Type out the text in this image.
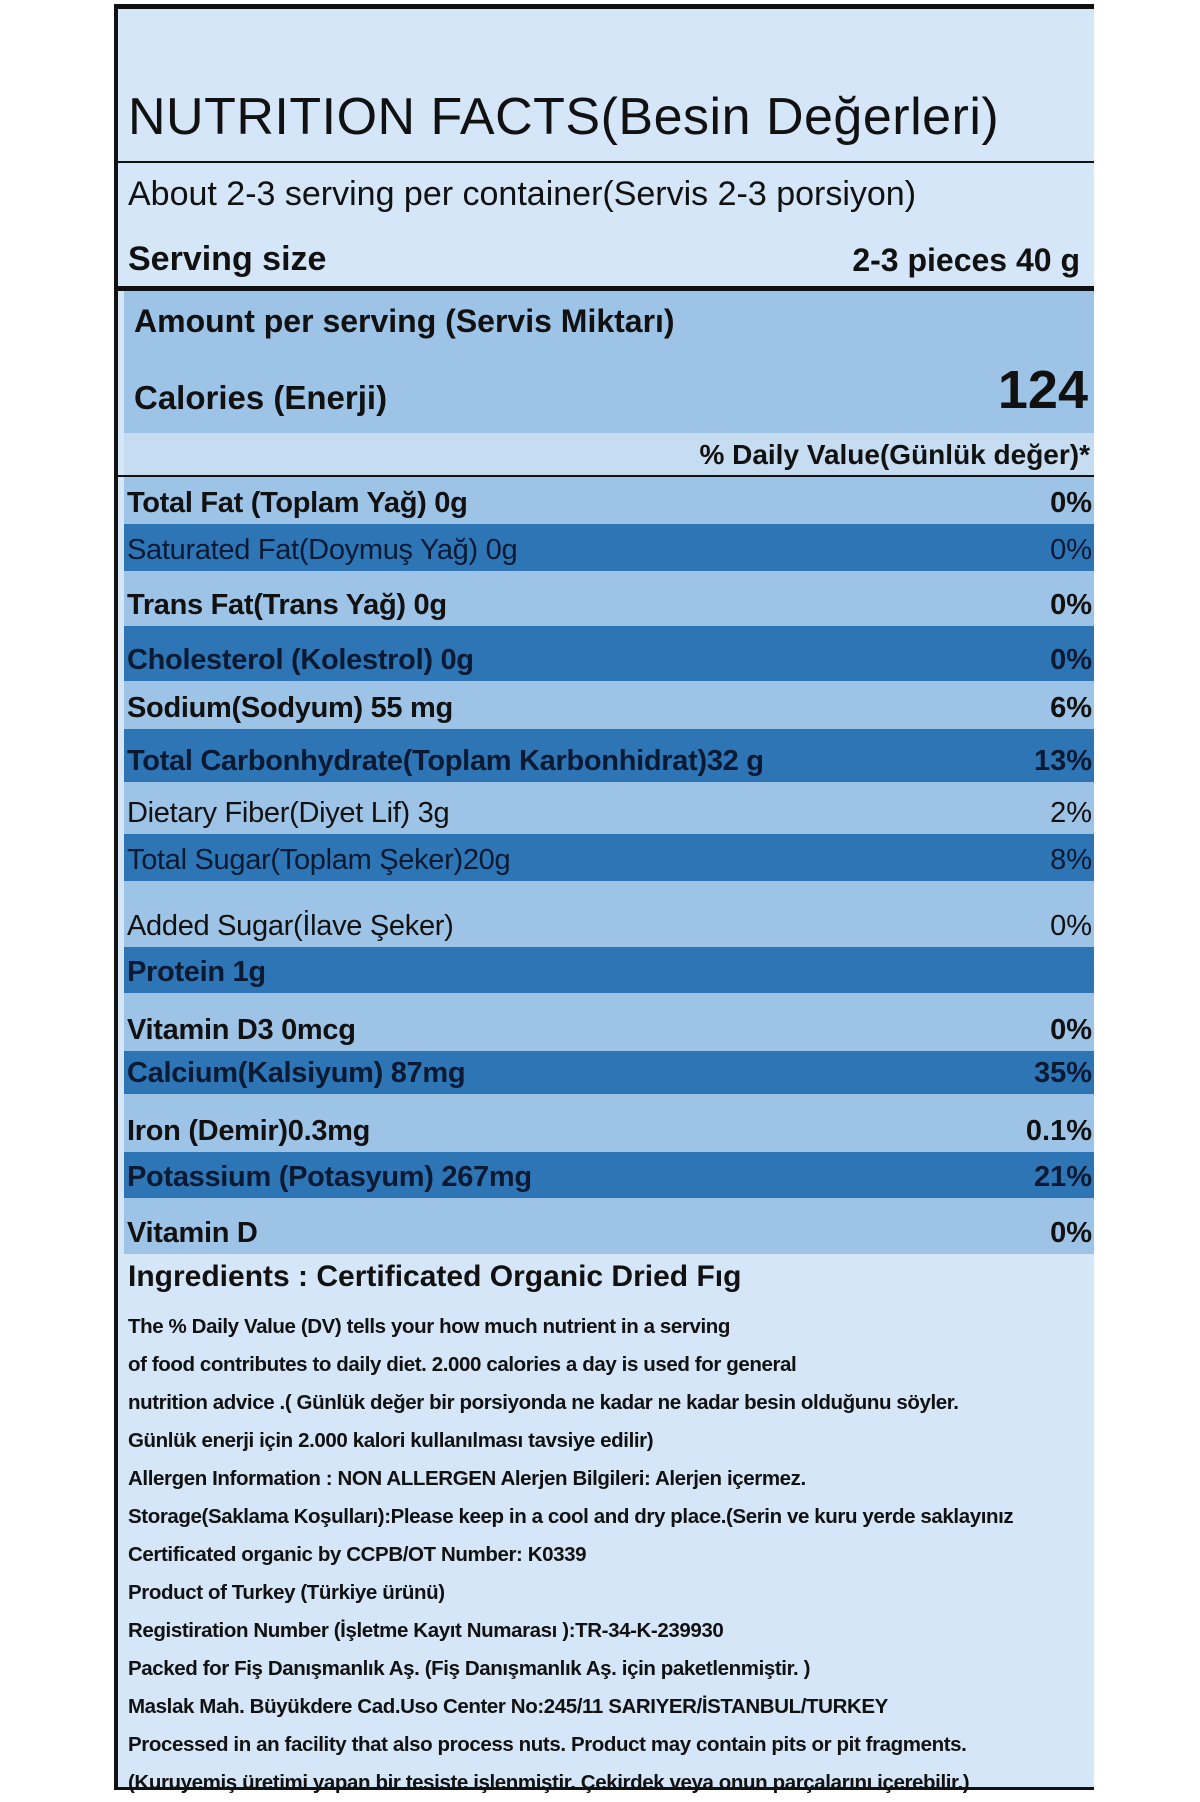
NUTRITION FACTS(Besin Değerleri)
About 2-3 serving per container(Servis 2-3 porsiyon)
Serving size	2-3 pieces 40 g
Amount per serving (Servis Miktarı)
Calories (Enerji)	124
% Daily Value(Günlük değer)*
Total Fat (Toplam Yağ) 0g	0%
Saturated Fat(Doymuş Yağ) 0g	0%
Trans Fat(Trans Yağ) 0g	0%
Cholesterol (Kolestrol) 0g	0%
Sodium(Sodyum) 55 mg	6%
Total Carbonhydrate(Toplam Karbonhidrat)32 g	13%
Dietary Fiber(Diyet Lif) 3g	2%
Total Sugar(Toplam Şeker)20g	8%
Added Sugar(İlave Şeker)	0%
Protein 1g
Vitamin D3 0mcg	0%
Calcium(Kalsiyum) 87mg	35%
Iron (Demir)0.3mg	0.1%
Potassium (Potasyum) 267mg	21%
Vitamin D	0%
Ingredients : Certificated Organic Dried Fıg
The % Daily Value (DV) tells your how much nutrient in a serving
of food contributes to daily diet. 2.000 calories a day is used for general
nutrition advice .( Günlük değer bir porsiyonda ne kadar ne kadar besin olduğunu söyler.
Günlük enerji için 2.000 kalori kullanılması tavsiye edilir)
Allergen Information : NON ALLERGEN Alerjen Bilgileri: Alerjen içermez.
Storage(Saklama Koşulları):Please keep in a cool and dry place.(Serin ve kuru yerde saklayınız
Certificated organic by CCPB/OT Number: K0339
Product of Turkey (Türkiye ürünü)
Registiration Number (İşletme Kayıt Numarası ):TR-34-K-239930
Packed for Fiş Danışmanlık Aş. (Fiş Danışmanlık Aş. için paketlenmiştir. )
Maslak Mah. Büyükdere Cad.Uso Center No:245/11 SARIYER/İSTANBUL/TURKEY
Processed in an facility that also process nuts. Product may contain pits or pit fragments.
(Kuruyemiş üretimi yapan bir tesiste işlenmiştir. Çekirdek veya onun parçalarını içerebilir.)
